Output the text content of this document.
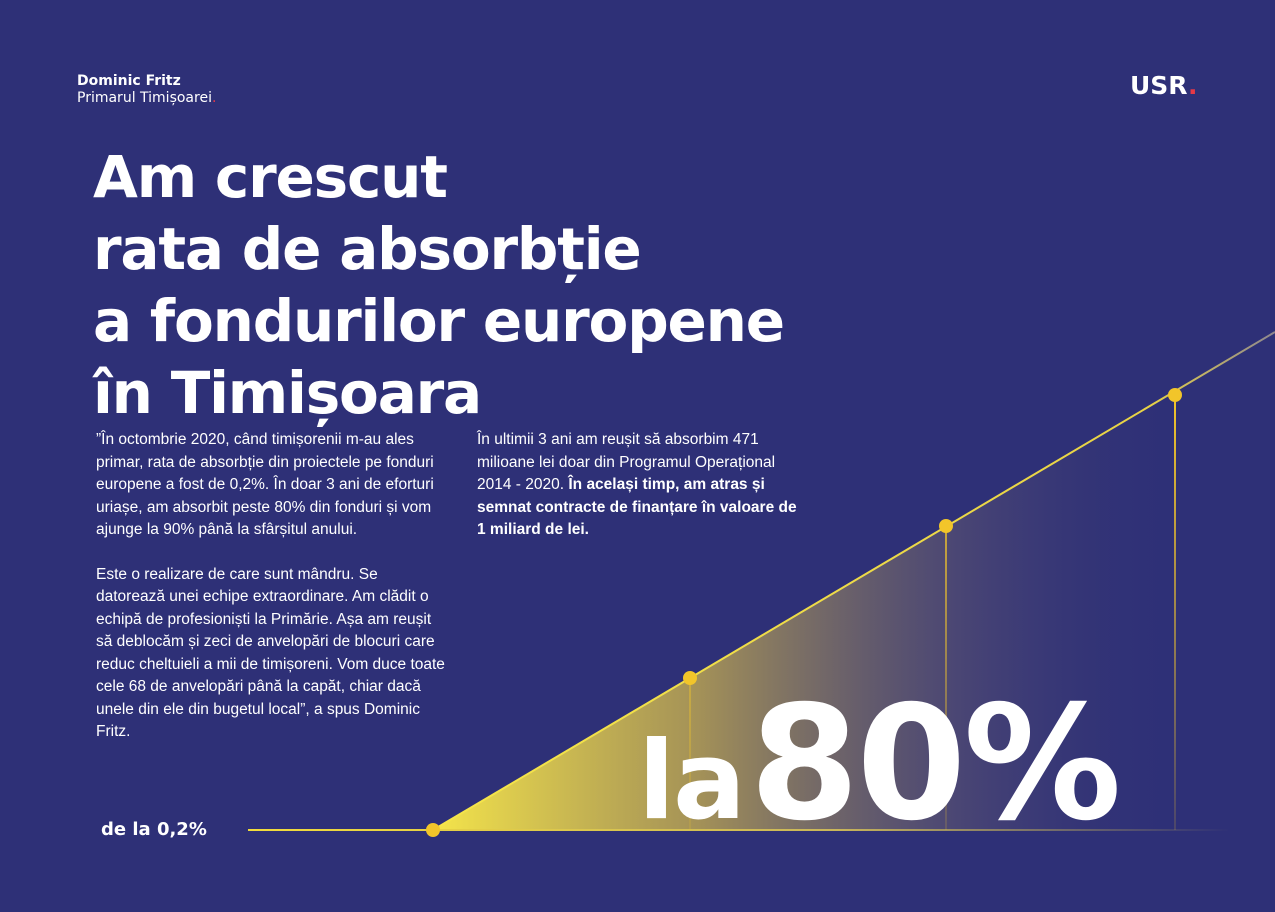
Dominic Fritz
Primarul Timișoarei.	USR.
Am crescut
rata de absorbție
a fondurilor europene
în Timișoara

”În octombrie 2020, când timișorenii m-au ales primar, rata de absorbție din proiectele pe fonduri europene a fost de 0,2%. În doar 3 ani de eforturi uriașe, am absorbit peste 80% din fonduri și vom ajunge la 90% până la sfârșitul anului.

Este o realizare de care sunt mândru. Se datorează unei echipe extraordinare. Am clădit o echipă de profesioniști la Primărie. Așa am reușit să deblocăm și zeci de anvelopări de blocuri care reduc cheltuieli a mii de timișoreni. Vom duce toate cele 68 de anvelopări până la capăt, chiar dacă unele din ele din bugetul local”, a spus Dominic Fritz.

În ultimii 3 ani am reușit să absorbim 471 milioane lei doar din Programul Operațional 2014 - 2020. În același timp, am atras și semnat contracte de finanțare în valoare de 1 miliard de lei.

de la 0,2%	la 80%
